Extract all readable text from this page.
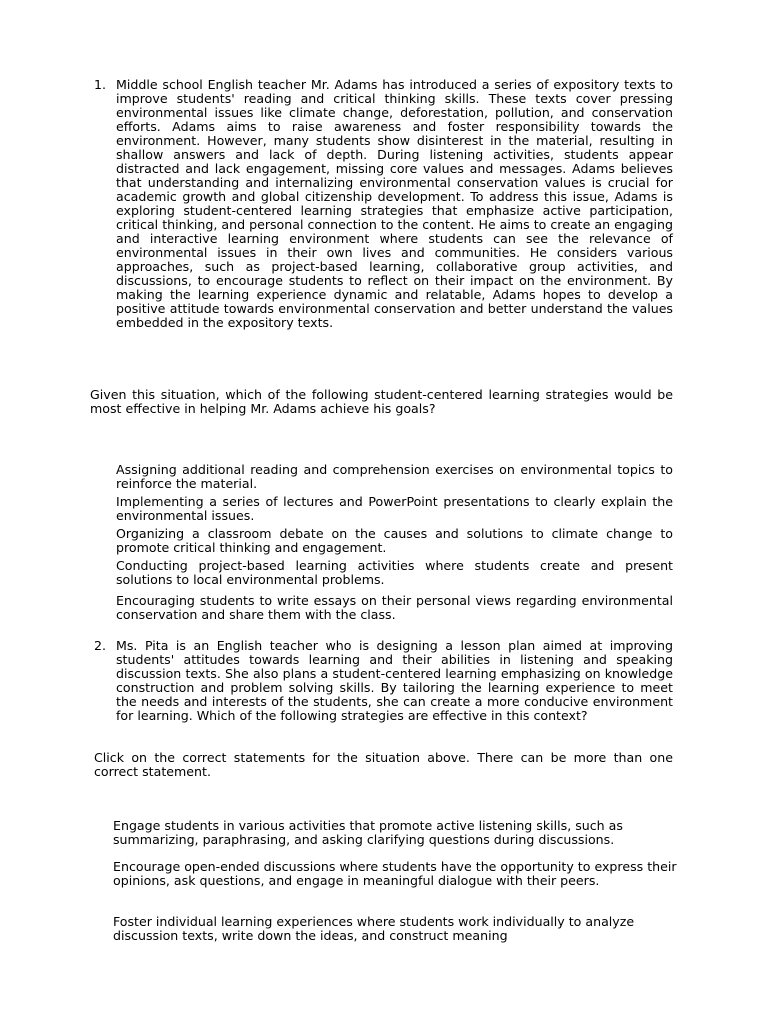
1. Middle school English teacher Mr. Adams has introduced a series of expository texts to improve students' reading and critical thinking skills. These texts cover pressing environmental issues like climate change, deforestation, pollution, and conservation efforts. Adams aims to raise awareness and foster responsibility towards the environment. However, many students show disinterest in the material, resulting in shallow answers and lack of depth. During listening activities, students appear distracted and lack engagement, missing core values and messages. Adams believes that understanding and internalizing environmental conservation values is crucial for academic growth and global citizenship development. To address this issue, Adams is exploring student-centered learning strategies that emphasize active participation, critical thinking, and personal connection to the content. He aims to create an engaging and interactive learning environment where students can see the relevance of environmental issues in their own lives and communities. He considers various approaches, such as project-based learning, collaborative group activities, and discussions, to encourage students to reflect on their impact on the environment. By making the learning experience dynamic and relatable, Adams hopes to develop a positive attitude towards environmental conservation and better understand the values embedded in the expository texts.
Given this situation, which of the following student-centered learning strategies would be most effective in helping Mr. Adams achieve his goals?
Assigning additional reading and comprehension exercises on environmental topics to reinforce the material.
Implementing a series of lectures and PowerPoint presentations to clearly explain the environmental issues.
Organizing a classroom debate on the causes and solutions to climate change to promote critical thinking and engagement.
Conducting project-based learning activities where students create and present solutions to local environmental problems.
Encouraging students to write essays on their personal views regarding environmental conservation and share them with the class.
2. Ms. Pita is an English teacher who is designing a lesson plan aimed at improving students' attitudes towards learning and their abilities in listening and speaking discussion texts. She also plans a student-centered learning emphasizing on knowledge construction and problem solving skills. By tailoring the learning experience to meet the needs and interests of the students, she can create a more conducive environment for learning. Which of the following strategies are effective in this context?
Click on the correct statements for the situation above. There can be more than one correct statement.
Engage students in various activities that promote active listening skills, such as summarizing, paraphrasing, and asking clarifying questions during discussions.
Encourage open-ended discussions where students have the opportunity to express their opinions, ask questions, and engage in meaningful dialogue with their peers.
Foster individual learning experiences where students work individually to analyze discussion texts, write down the ideas, and construct meaning
